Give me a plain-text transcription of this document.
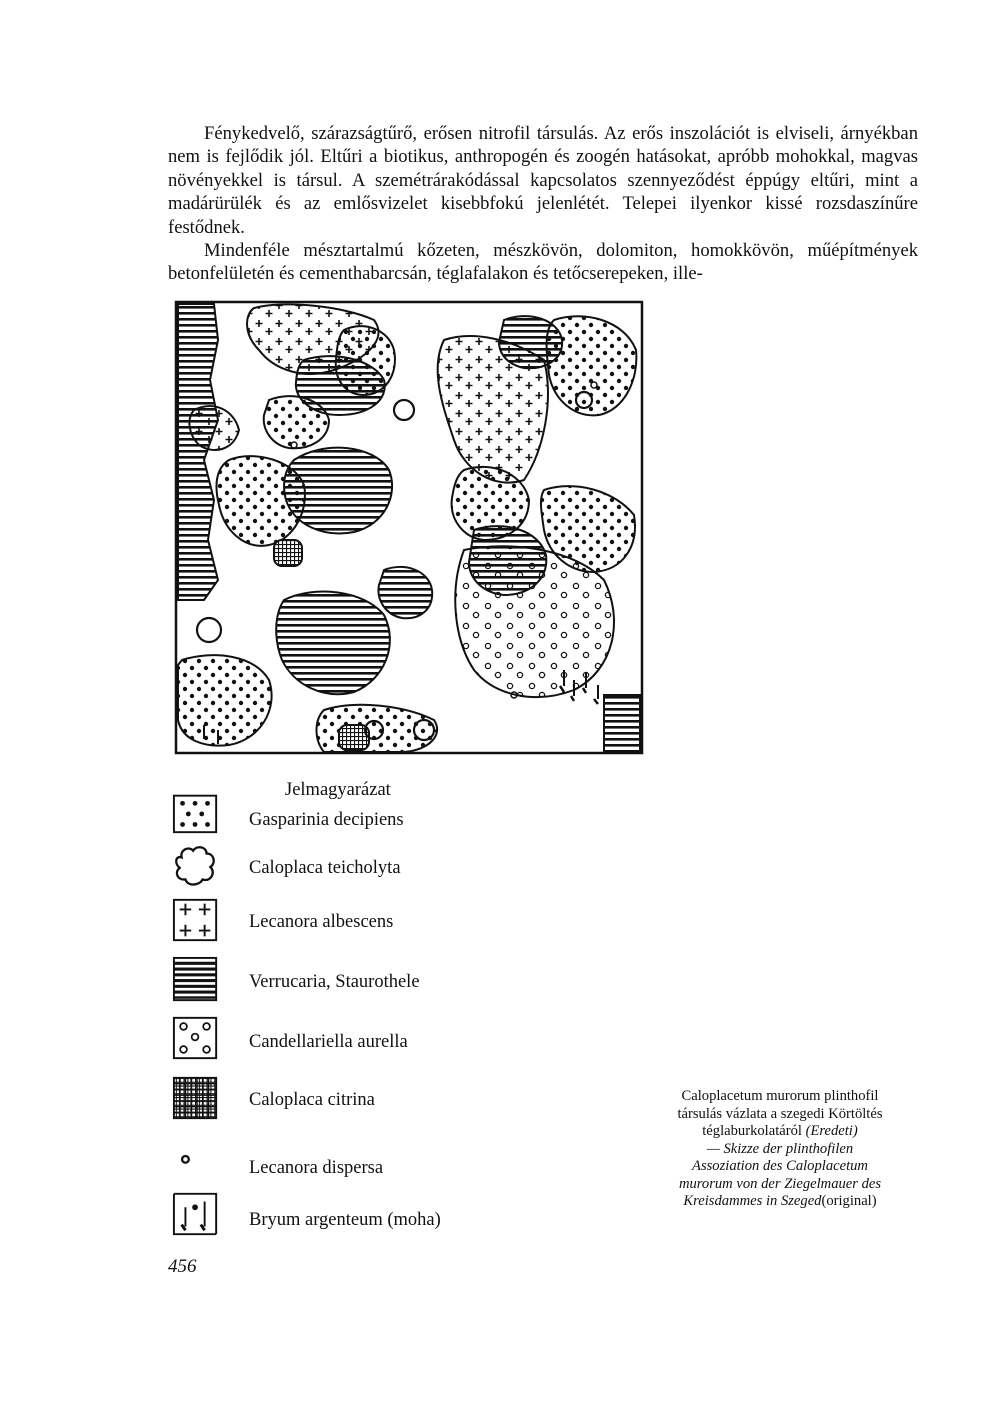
Fénykedvelő, szárazságtűrő, erősen nitrofil társulás. Az erős inszolációt is elviseli, árnyékban nem is fejlődik jól. Eltűri a biotikus, anthropogén és zoogén hatásokat, apróbb mohokkal, magvas növényekkel is társul. A szemétrárakódással kapcsolatos szennyeződést éppúgy eltűri, mint a madárürülék és az emlősvizelet kisebbfokú jelenlétét. Telepei ilyenkor kissé rozsdaszínűre festődnek.

Mindenféle mésztartalmú kőzeten, mészkövön, dolomiton, homokkövön, műépítmények betonfelületén és cementhabarcsán, téglafalakon és tetőcserepeken, ille-

Jelmagyarázat
Gasparinia decipiens
Caloplaca teicholyta
Lecanora albescens
Verrucaria, Staurothele
Candellariella aurella
Caloplaca citrina
Lecanora dispersa
Bryum argenteum (moha)
Caloplacetum murorum plinthofil
társulás vázlata a szegedi Körtöltés
téglaburkolatáról (Eredeti)
— Skizze der plinthofilen
Assoziation des Caloplacetum
murorum von der Ziegelmauer des
Kreisdammes in Szeged(original)
456
